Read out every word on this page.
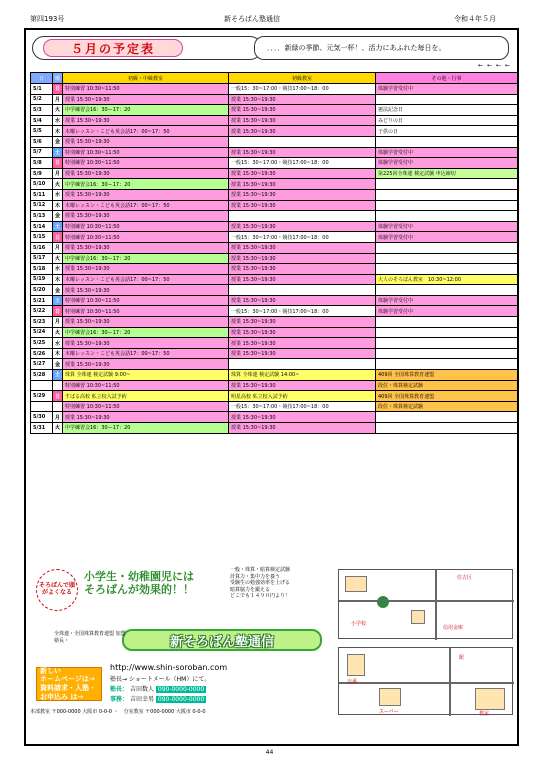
第四193号	新そろばん塾通信	令和４年５月
５月の予定表	．．．．新緑の季節、元気一杯！、活力にあふれた毎日を。
← ← ← ←
日	曜	初級・中級教室	初級教室	その他・行事
5/1	日	特別練習 10:30~11:50	一般15：30~17:00・競技17:00~18：00	体験学習受付中
5/2	月	授業 15:30~19:30	授業 15:30~19:30	
5/3	火	中学練習会16：30ー17：20	授業 15:30~19:30	憲法記念日
5/4	水	授業 15:30~19:30	授業 15:30~19:30	みどりの日
5/5	木	木曜レッスン・こども英会話17：00~17：50	授業 15:30~19:30	子供の日
5/6	金	授業 15:30~19:30		
5/7	土	特別練習 10:30~11:50	授業 15:30~19:30	体験学習受付中
5/8	日	特別練習 10:30~11:50	一般15：30~17:00・競技17:00~18：00	体験学習受付中
5/9	月	授業 15:30~19:30	授業 15:30~19:30	第225回全珠連 検定試験 申込締切
5/10	火	中学練習会16：30ー17：20	授業 15:30~19:30	
5/11	水	授業 15:30~19:30	授業 15:30~19:30	
5/12	木	木曜レッスン・こども英会話17：00~17：50	授業 15:30~19:30	
5/13	金	授業 15:30~19:30		
5/14	土	特別練習 10:30~11:50	授業 15:30~19:30	体験学習受付中
5/15	日	特別練習 10:30~11:50	一般15：30~17:00・競技17:00~18：00	体験学習受付中
5/16	月	授業 15:30~19:30	授業 15:30~19:30	
5/17	火	中学練習会16：30ー17：20	授業 15:30~19:30	
5/18	水	授業 15:30~19:30	授業 15:30~19:30	
5/19	木	木曜レッスン・こども英会話17：00~17：50	授業 15:30~19:30	大人のそろばん教室　10:30~12:00
5/20	金	授業 15:30~19:30		
5/21	土	特別練習 10:30~11:50	授業 15:30~19:30	体験学習受付中
5/22	日	特別練習 10:30~11:50	一般15：30~17:00・競技17:00~18：00	体験学習受付中
5/23	月	授業 15:30~19:30	授業 15:30~19:30	
5/24	火	中学練習会16：30ー17：20	授業 15:30~19:30	
5/25	水	授業 15:30~19:30	授業 15:30~19:30	
5/26	木	木曜レッスン・こども英会話17：00~17：50	授業 15:30~19:30	
5/27	金	授業 15:30~19:30		
5/28	土	珠算 全珠連 検定試験 9:00~	珠算 全珠連 検定試験 14:00~	409回 全国珠算教育連盟
		特別練習 10:30~11:50	授業 15:30~19:30	段位・珠算検定試験
5/29	日	すばる高校 私立校入試予約	明星高校 私立校入試予約	409回 全国珠算教育連盟
		特別練習 10:30~11:50	一般15：30~17:00・競技17:00~18：00	段位・珠算検定試験
5/30	月	授業 15:30~19:30	授業 15:30~19:30	
5/31	火	中学練習会16：30ー17：20	授業 15:30~19:30	
そろばんで頭がよくなる
小学生・幼稚園児には
そろばんが効果的！！
一般・珠算・暗算検定試験
計算力・集中力を養う
受験生の勉強効率を上げる
暗算脳力を鍛える
どこでも１４９０円より！
住吉区
小学校
信用金庫
新そろばん塾通信
全珠連・全国珠算教育連盟 加盟
塾長・　
新しい
ホームページは→
資料請求・入塾・
お申込み は→
http://www.shin-soroban.com
塾長→ ショートメール（HM）にて。
塾長： 吉田数人 090-0000-0000
事務： 吉田幸男 090-0000-0000
交番
スーパー
駅
教室
本部教室 〒000-0000 大阪市 0-0-0 ・　分室教室 〒000-0000 大阪市 0-0-0
44
